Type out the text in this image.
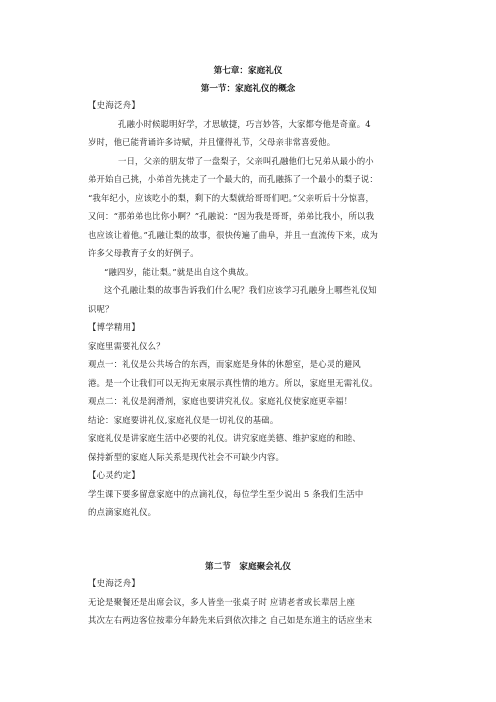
第七章：家庭礼仪
第一节：家庭礼仪的概念
【史海泛舟】
孔融小时候聪明好学，才思敏捷，巧言妙答，大家都夸他是奇童。4
岁时，他已能背诵许多诗赋，并且懂得礼节，父母亲非常喜爱他。
一日，父亲的朋友带了一盘梨子，父亲叫孔融他们七兄弟从最小的小
弟开始自己挑，小弟首先挑走了一个最大的，而孔融拣了一个最小的梨子说：
“我年纪小，应该吃小的梨，剩下的大梨就给哥哥们吧。”父亲听后十分惊喜，
又问：“那弟弟也比你小啊？”孔融说：“因为我是哥哥，弟弟比我小，所以我
也应该让着他。”孔融让梨的故事，很快传遍了曲阜，并且一直流传下来，成为
许多父母教育子女的好例子。
“融四岁，能让梨。”就是出自这个典故。
这个孔融让梨的故事告诉我们什么呢？我们应该学习孔融身上哪些礼仪知
识呢？
【博学精用】
家庭里需要礼仪么？
观点一：礼仪是公共场合的东西，而家庭是身体的休憩室，是心灵的避风
港。是一个让我们可以无拘无束展示真性情的地方。所以，家庭里无需礼仪。
观点二：礼仪是润滑剂，家庭也要讲究礼仪。家庭礼仪使家庭更幸福！
结论：家庭要讲礼仪,家庭礼仪是一切礼仪的基础。
家庭礼仪是讲家庭生活中必要的礼仪。讲究家庭美德、维护家庭的和睦、
保持新型的家庭人际关系是现代社会不可缺少内容。
【心灵约定】
学生课下要多留意家庭中的点滴礼仪，每位学生至少说出 5 条我们生活中
的点滴家庭礼仪。
第二节　家庭聚会礼仪
【史海泛舟】
无论是聚餐还是出席会议，多人皆坐一张桌子时 应请老者或长辈居上座
其次左右两边客位按辈分年龄先来后到依次排之 自己如是东道主的话应坐末
